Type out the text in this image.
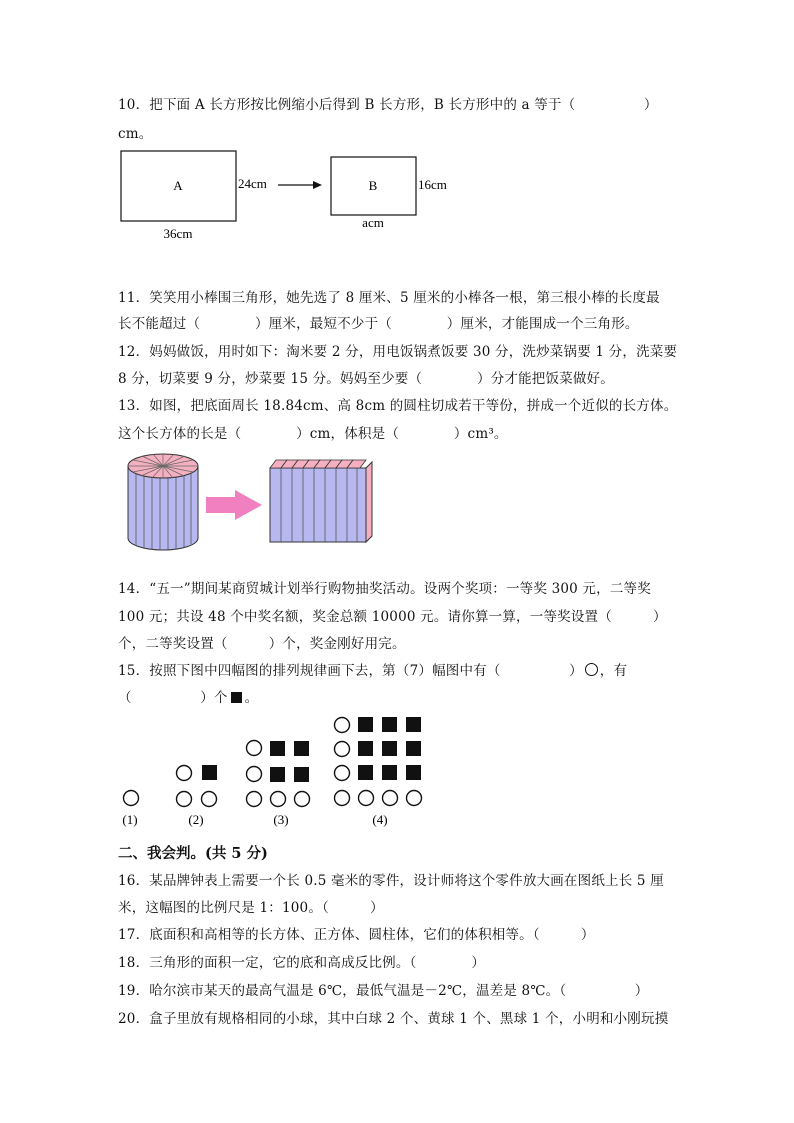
10．把下面 A 长方形按比例缩小后得到 B 长方形，B 长方形中的 a 等于（　　　　　）
cm。
A	24cm
36cm
B	16cm
acm
11．笑笑用小棒围三角形，她先选了 8 厘米、5 厘米的小棒各一根，第三根小棒的长度最
长不能超过（　　　　）厘米，最短不少于（　　　　）厘米，才能围成一个三角形。
12．妈妈做饭，用时如下：淘米要 2 分，用电饭锅煮饭要 30 分，洗炒菜锅要 1 分，洗菜要
8 分，切菜要 9 分，炒菜要 15 分。妈妈至少要（　　　　）分才能把饭菜做好。
13．如图，把底面周长 18.84cm、高 8cm 的圆柱切成若干等份，拼成一个近似的长方体。
这个长方体的长是（　　　　）cm，体积是（　　　　）cm³。
14．“五一”期间某商贸城计划举行购物抽奖活动。设两个奖项：一等奖 300 元，二等奖
100 元；共设 48 个中奖名额，奖金总额 10000 元。请你算一算，一等奖设置（　　　）
个，二等奖设置（　　　）个，奖金刚好用完。
15．按照下图中四幅图的排列规律画下去，第（7）幅图中有（　　　　　） ，有
（　　　　　）个 。
(1)	(2)	(3)	(4)
二、我会判。(共 5 分)
16．某品牌钟表上需要一个长 0.5 毫米的零件，设计师将这个零件放大画在图纸上长 5 厘
米，这幅图的比例尺是 1：100。（　　　）
17．底面积和高相等的长方体、正方体、圆柱体，它们的体积相等。（　　　）
18．三角形的面积一定，它的底和高成反比例。（　　　　）
19．哈尔滨市某天的最高气温是 6℃，最低气温是－2℃，温差是 8℃。（　　　　　）
20．盒子里放有规格相同的小球，其中白球 2 个、黄球 1 个、黑球 1 个，小明和小刚玩摸
